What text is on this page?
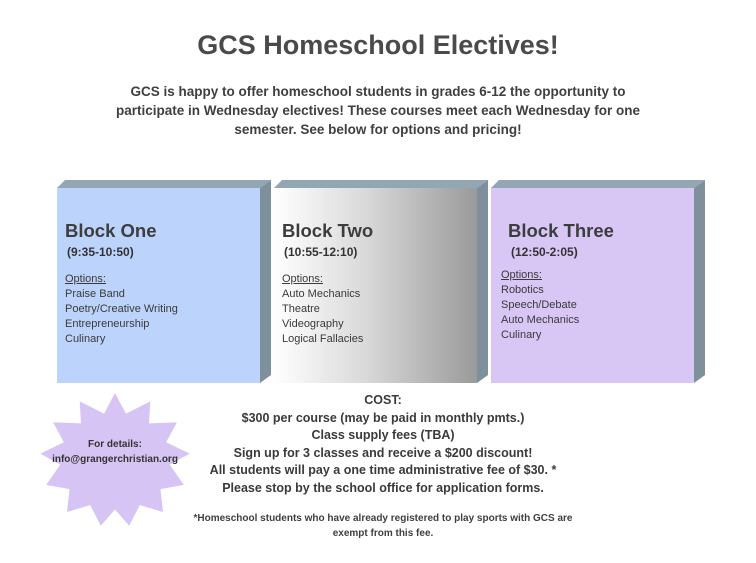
GCS Homeschool Electives!

GCS is happy to offer homeschool students in grades 6-12 the opportunity to participate in Wednesday electives! These courses meet each Wednesday for one semester. See below for options and pricing!

Block One
(9:35-10:50)
Options:
Praise Band
Poetry/Creative Writing
Entrepreneurship
Culinary
Block Two
(10:55-12:10)
Options:
Auto Mechanics
Theatre
Videography
Logical Fallacies
Block Three
(12:50-2:05)
Options:
Robotics
Speech/Debate
Auto Mechanics
Culinary
For details:
info@grangerchristian.org
COST:
$300 per course (may be paid in monthly pmts.)
Class supply fees (TBA)
Sign up for 3 classes and receive a $200 discount!
All students will pay a one time administrative fee of $30. *
Please stop by the school office for application forms.
*Homeschool students who have already registered to play sports with GCS are exempt from this fee.
